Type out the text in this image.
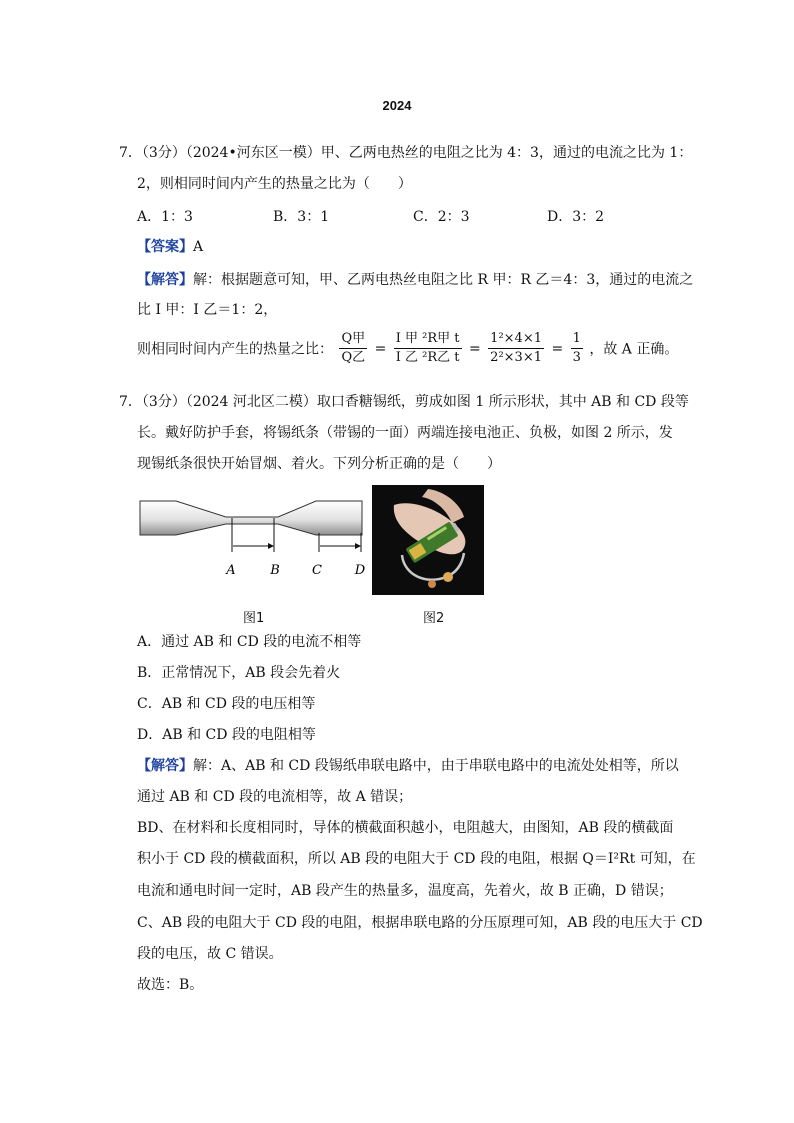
2024
7．（3分）（2024•河东区一模）甲、乙两电热丝的电阻之比为 4：3，通过的电流之比为 1：
2，则相同时间内产生的热量之比为（　　）
A．1：3	B．3：1	C．2：3	D．3：2
【答案】A
【解答】解：根据题意可知，甲、乙两电热丝电阻之比 R 甲：R 乙＝4：3，通过的电流之
比 I 甲：I 乙＝1：2，
则相同时间内产生的热量之比： $\frac{\text{Q甲}}{\text{Q乙}} = \frac{\text{I 甲 ²R甲 t}}{\text{I 乙 ²R乙 t}} = \frac{\text{1²×4×1}}{\text{2²×3×1}} = \frac{1}{3}$ ，故 A 正确。
7．（3分）（2024 河北区二模）取口香糖锡纸，剪成如图 1 所示形状，其中 AB 和 CD 段等
长。戴好防护手套，将锡纸条（带锡的一面）两端连接电池正、负极，如图 2 所示，发
现锡纸条很快开始冒烟、着火。下列分析正确的是（　　）
A	B C	D
图1	图2
A．通过 AB 和 CD 段的电流不相等
B．正常情况下，AB 段会先着火
C．AB 和 CD 段的电压相等
D．AB 和 CD 段的电阻相等
【解答】解：A、AB 和 CD 段锡纸串联电路中，由于串联电路中的电流处处相等，所以
通过 AB 和 CD 段的电流相等，故 A 错误；
BD、在材料和长度相同时，导体的横截面积越小，电阻越大，由图知，AB 段的横截面
积小于 CD 段的横截面积，所以 AB 段的电阻大于 CD 段的电阻，根据 Q＝I²Rt 可知，在
电流和通电时间一定时，AB 段产生的热量多，温度高，先着火，故 B 正确，D 错误；
C、AB 段的电阻大于 CD 段的电阻，根据串联电路的分压原理可知，AB 段的电压大于 CD
段的电压，故 C 错误。
故选：B。
